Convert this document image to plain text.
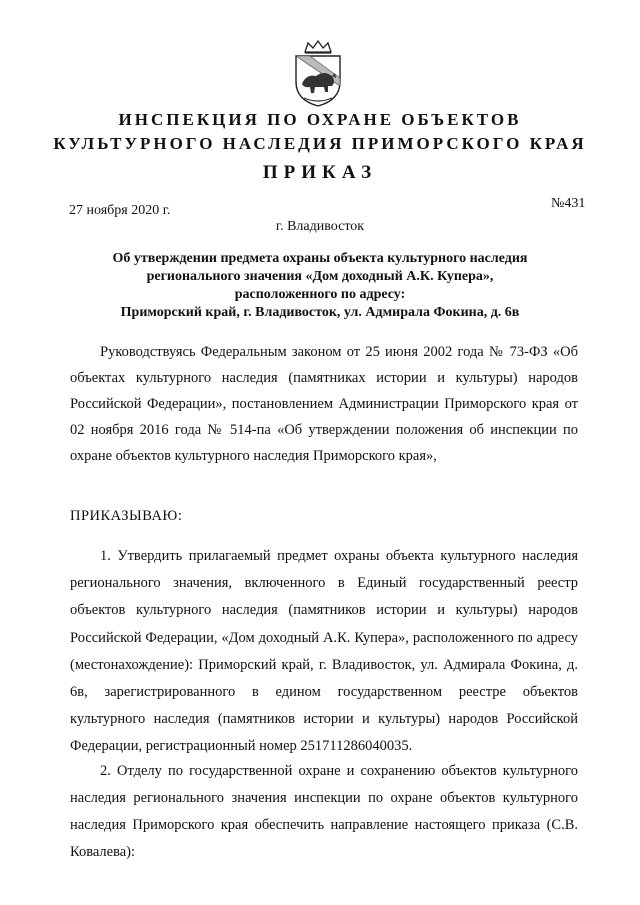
ИНСПЕКЦИЯ ПО ОХРАНЕ ОБЪЕКТОВ
КУЛЬТУРНОГО НАСЛЕДИЯ ПРИМОРСКОГО КРАЯ
ПРИКАЗ
27 ноября 2020 г.	№431
г. Владивосток
Об утверждении предмета охраны объекта культурного наследия
регионального значения «Дом доходный А.К. Купера»,
расположенного по адресу:
Приморский край, г. Владивосток, ул. Адмирала Фокина, д. 6в

Руководствуясь Федеральным законом от 25 июня 2002 года № 73-ФЗ «Об объектах культурного наследия (памятниках истории и культуры) народов Российской Федерации», постановлением Администрации Приморского края от 02 ноября 2016 года № 514-па «Об утверждении положения об инспекции по охране объектов культурного наследия Приморского края»,

ПРИКАЗЫВАЮ:

1. Утвердить прилагаемый предмет охраны объекта культурного наследия регионального значения, включенного в Единый государственный реестр объектов культурного наследия (памятников истории и культуры) народов Российской Федерации, «Дом доходный А.К. Купера», расположенного по адресу (местонахождение): Приморский край, г. Владивосток, ул. Адмирала Фокина, д. 6в, зарегистрированного в едином государственном реестре объектов культурного наследия (памятников истории и культуры) народов Российской Федерации, регистрационный номер 251711286040035.

2. Отделу по государственной охране и сохранению объектов культурного наследия регионального значения инспекции по охране объектов культурного наследия Приморского края обеспечить направление настоящего приказа (С.В. Ковалева):
